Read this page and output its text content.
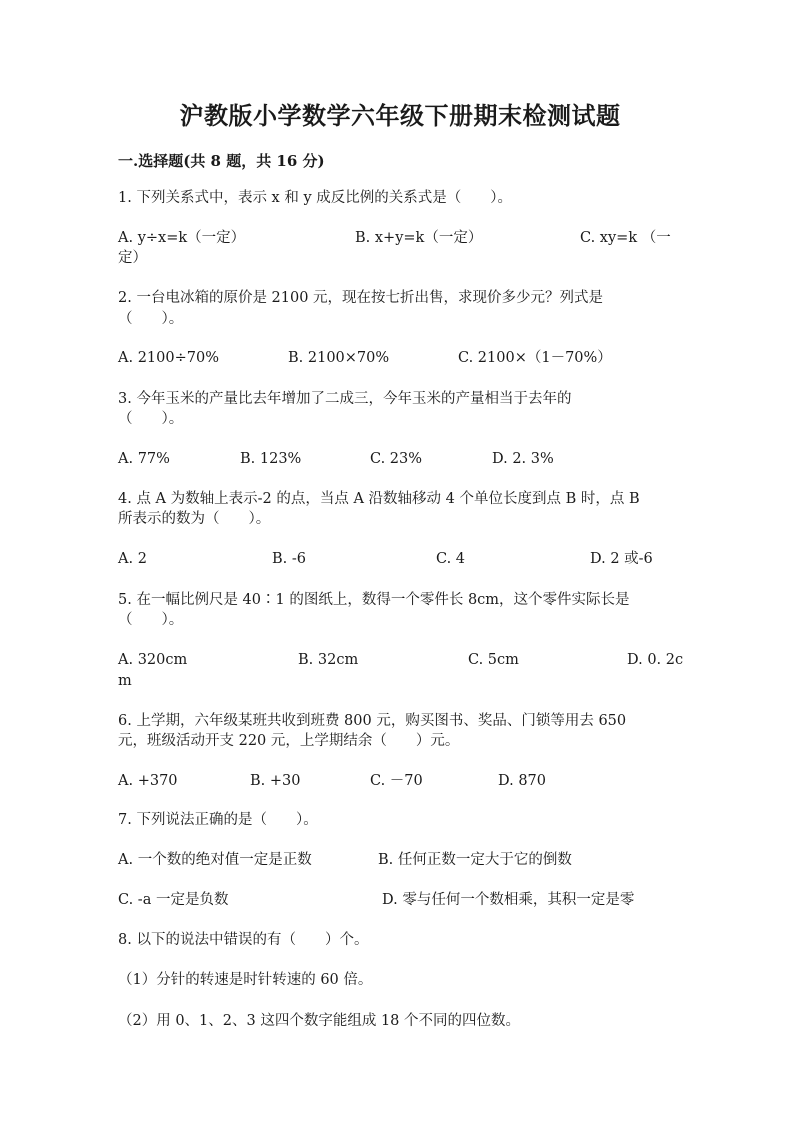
沪教版小学数学六年级下册期末检测试题
一.选择题(共 8 题，共 16 分)
1. 下列关系式中，表示 x 和 y 成反比例的关系式是（　　）。
A. y÷x=k（一定）	B. x+y=k（一定）	C. xy=k （一
定）
2. 一台电冰箱的原价是 2100 元，现在按七折出售，求现价多少元？列式是
（　　）。
A. 2100÷70%	B. 2100×70%	C. 2100×（1－70%）
3. 今年玉米的产量比去年增加了二成三，今年玉米的产量相当于去年的
（　　）。
A. 77%	B. 123%	C. 23%	D. 2. 3%
4. 点 A 为数轴上表示-2 的点，当点 A 沿数轴移动 4 个单位长度到点 B 时，点 B
所表示的数为（　　）。
A. 2	B. -6	C. 4	D. 2 或-6
5. 在一幅比例尺是 40∶1 的图纸上，数得一个零件长 8cm，这个零件实际长是
（　　）。
A. 320cm	B. 32cm	C. 5cm	D. 0. 2c
m
6. 上学期，六年级某班共收到班费 800 元，购买图书、奖品、门锁等用去 650
元，班级活动开支 220 元，上学期结余（　　）元。
A. +370	B. +30	C. －70	D. 870
7. 下列说法正确的是（　　）。
A. 一个数的绝对值一定是正数	B. 任何正数一定大于它的倒数
C. -a 一定是负数	D. 零与任何一个数相乘，其积一定是零
8. 以下的说法中错误的有（　　）个。
（1）分针的转速是时针转速的 60 倍。
（2）用 0、1、2、3 这四个数字能组成 18 个不同的四位数。
